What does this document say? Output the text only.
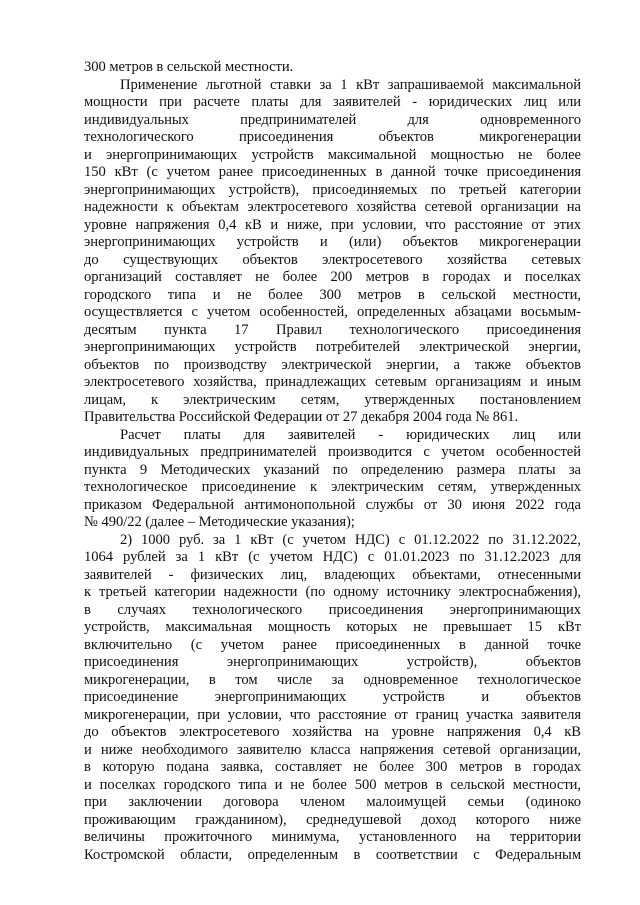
300 метров в сельской местности.
Применение льготной ставки за 1 кВт запрашиваемой максимальной
мощности при расчете платы для заявителей - юридических лиц или
индивидуальных предпринимателей для одновременного
технологического присоединения объектов микрогенерации
и энергопринимающих устройств максимальной мощностью не более
150 кВт (с учетом ранее присоединенных в данной точке присоединения
энергопринимающих устройств), присоединяемых по третьей категории
надежности к объектам электросетевого хозяйства сетевой организации на
уровне напряжения 0,4 кВ и ниже, при условии, что расстояние от этих
энергопринимающих устройств и (или) объектов микрогенерации
до существующих объектов электросетевого хозяйства сетевых
организаций составляет не более 200 метров в городах и поселках
городского типа и не более 300 метров в сельской местности,
осуществляется с учетом особенностей, определенных абзацами восьмым-
десятым пункта 17 Правил технологического присоединения
энергопринимающих устройств потребителей электрической энергии,
объектов по производству электрической энергии, а также объектов
электросетевого хозяйства, принадлежащих сетевым организациям и иным
лицам, к электрическим сетям, утвержденных постановлением
Правительства Российской Федерации от 27 декабря 2004 года № 861.
Расчет платы для заявителей - юридических лиц или
индивидуальных предпринимателей производится с учетом особенностей
пункта 9 Методических указаний по определению размера платы за
технологическое присоединение к электрическим сетям, утвержденных
приказом Федеральной антимонопольной службы от 30 июня 2022 года
№ 490/22 (далее – Методические указания);
2) 1000 руб. за 1 кВт (с учетом НДС) с 01.12.2022 по 31.12.2022,
1064 рублей за 1 кВт (с учетом НДС) с 01.01.2023 по 31.12.2023 для
заявителей - физических лиц, владеющих объектами, отнесенными
к третьей категории надежности (по одному источнику электроснабжения),
в случаях технологического присоединения энергопринимающих
устройств, максимальная мощность которых не превышает 15 кВт
включительно (с учетом ранее присоединенных в данной точке
присоединения энергопринимающих устройств), объектов
микрогенерации, в том числе за одновременное технологическое
присоединение энергопринимающих устройств и объектов
микрогенерации, при условии, что расстояние от границ участка заявителя
до объектов электросетевого хозяйства на уровне напряжения 0,4 кВ
и ниже необходимого заявителю класса напряжения сетевой организации,
в которую подана заявка, составляет не более 300 метров в городах
и поселках городского типа и не более 500 метров в сельской местности,
при заключении договора членом малоимущей семьи (одиноко
проживающим гражданином), среднедушевой доход которого ниже
величины прожиточного минимума, установленного на территории
Костромской области, определенным в соответствии с Федеральным
